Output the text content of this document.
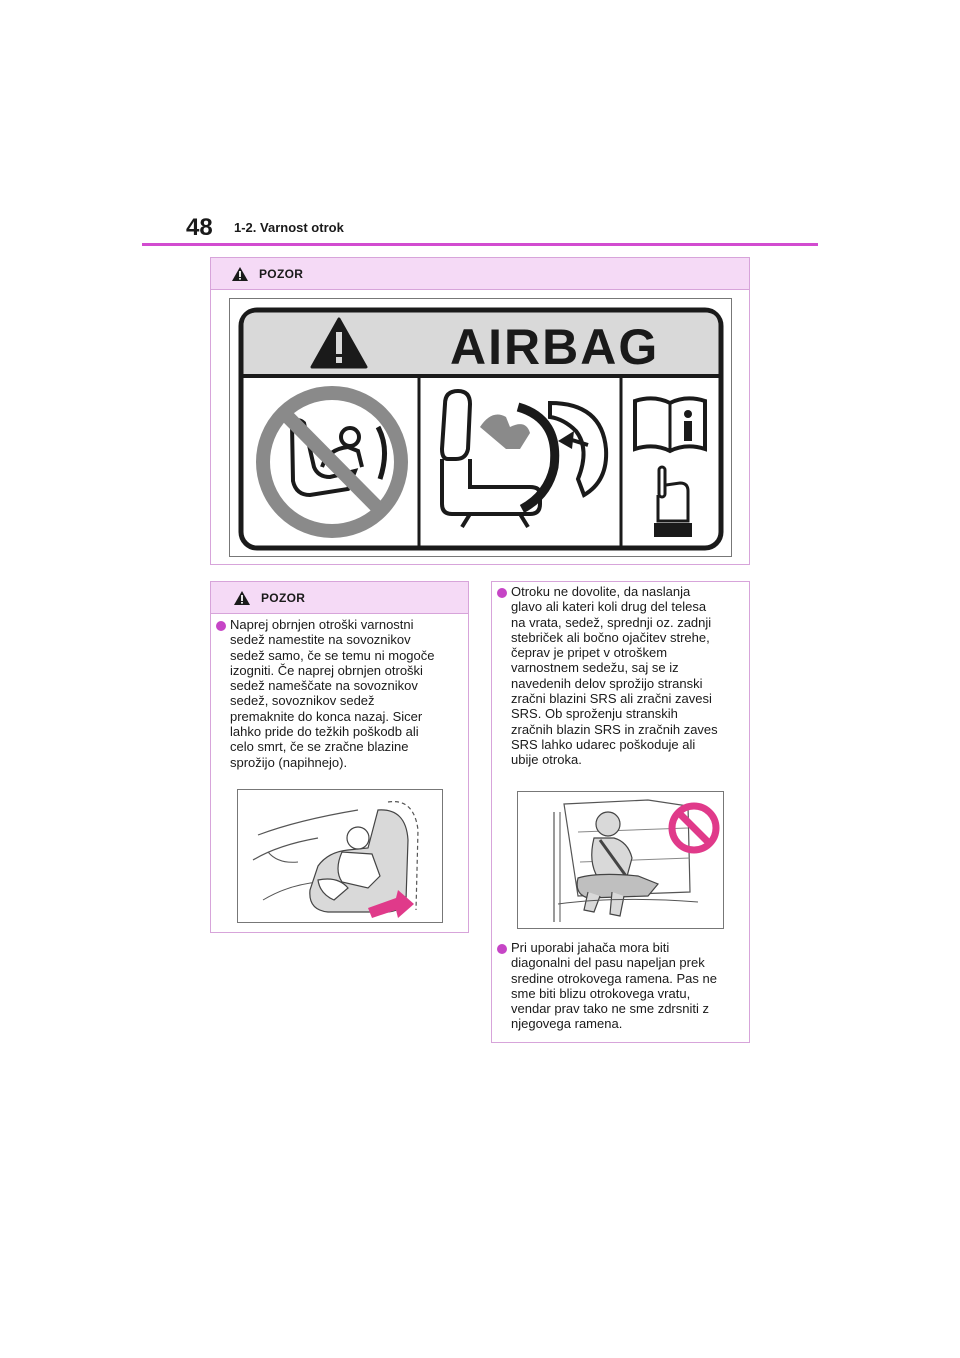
48 1-2. Varnost otrok
POZOR
AIRBAG
POZOR
Naprej obrnjen otroški varnostni
sedež namestite na sovoznikov
sedež samo, če se temu ni mogoče
izogniti. Če naprej obrnjen otroški
sedež nameščate na sovoznikov
sedež, sovoznikov sedež
premaknite do konca nazaj. Sicer
lahko pride do težkih poškodb ali
celo smrt, če se zračne blazine
sprožijo (napihnejo).
Otroku ne dovolite, da naslanja
glavo ali kateri koli drug del telesa
na vrata, sedež, sprednji oz. zadnji
stebriček ali bočno ojačitev strehe,
čeprav je pripet v otroškem
varnostnem sedežu, saj se iz
navedenih delov sprožijo stranski
zračni blazini SRS ali zračni zavesi
SRS. Ob sproženju stranskih
zračnih blazin SRS in zračnih zaves
SRS lahko udarec poškoduje ali
ubije otroka.
Pri uporabi jahača mora biti
diagonalni del pasu napeljan prek
sredine otrokovega ramena. Pas ne
sme biti blizu otrokovega vratu,
vendar prav tako ne sme zdrsniti z
njegovega ramena.
